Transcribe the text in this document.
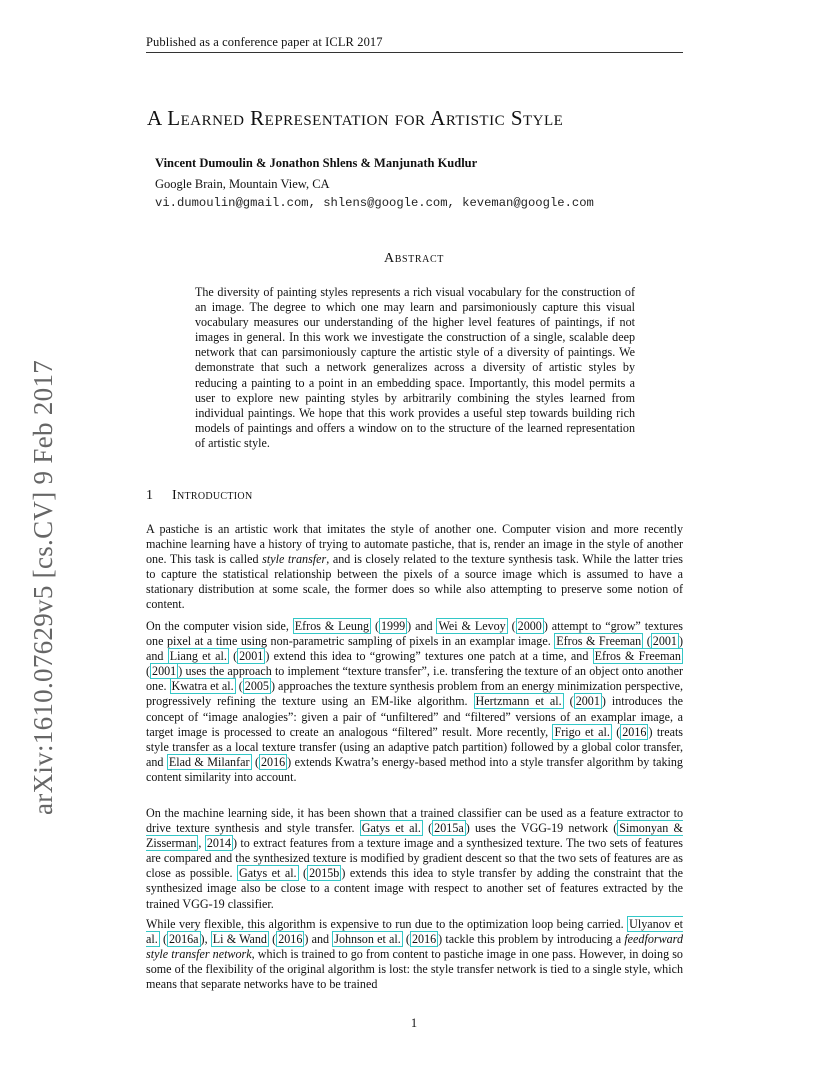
Published as a conference paper at ICLR 2017
arXiv:1610.07629v5 [cs.CV] 9 Feb 2017
A Learned Representation for Artistic Style
Vincent Dumoulin & Jonathon Shlens & Manjunath Kudlur
Google Brain, Mountain View, CA
vi.dumoulin@gmail.com, shlens@google.com, keveman@google.com
Abstract
The diversity of painting styles represents a rich visual vocabulary for the construction of an image. The degree to which one may learn and parsimoniously capture this visual vocabulary measures our understanding of the higher level features of paintings, if not images in general. In this work we investigate the construction of a single, scalable deep network that can parsimoniously capture the artistic style of a diversity of paintings. We demonstrate that such a network generalizes across a diversity of artistic styles by reducing a painting to a point in an embedding space. Importantly, this model permits a user to explore new painting styles by arbitrarily combining the styles learned from individual paintings. We hope that this work provides a useful step towards building rich models of paintings and offers a window on to the structure of the learned representation of artistic style.
1 Introduction
A pastiche is an artistic work that imitates the style of another one. Computer vision and more recently machine learning have a history of trying to automate pastiche, that is, render an image in the style of another one. This task is called style transfer, and is closely related to the texture synthesis task. While the latter tries to capture the statistical relationship between the pixels of a source image which is assumed to have a stationary distribution at some scale, the former does so while also attempting to preserve some notion of content.
On the computer vision side, Efros & Leung ( 1999 ) and Wei & Levoy ( 2000 ) attempt to “grow” textures one pixel at a time using non-parametric sampling of pixels in an examplar image. Efros & Freeman ( 2001 ) and Liang et al. ( 2001 ) extend this idea to “growing” textures one patch at a time, and Efros & Freeman ( 2001 ) uses the approach to implement “texture transfer”, i.e. transfering the texture of an object onto another one. Kwatra et al. ( 2005 ) approaches the texture synthesis problem from an energy minimization perspective, progressively refining the texture using an EM-like algorithm. Hertzmann et al. ( 2001 ) introduces the concept of “image analogies”: given a pair of “unfiltered” and “filtered” versions of an examplar image, a target image is processed to create an analogous “filtered” result. More recently, Frigo et al. ( 2016 ) treats style transfer as a local texture transfer (using an adaptive patch partition) followed by a global color transfer, and Elad & Milanfar ( 2016 ) extends Kwatra’s energy-based method into a style transfer algorithm by taking content similarity into account.
On the machine learning side, it has been shown that a trained classifier can be used as a feature extractor to drive texture synthesis and style transfer. Gatys et al. ( 2015a ) uses the VGG-19 network ( Simonyan & Zisserman , 2014 ) to extract features from a texture image and a synthesized texture. The two sets of features are compared and the synthesized texture is modified by gradient descent so that the two sets of features are as close as possible. Gatys et al. ( 2015b ) extends this idea to style transfer by adding the constraint that the synthesized image also be close to a content image with respect to another set of features extracted by the trained VGG-19 classifier.
While very flexible, this algorithm is expensive to run due to the optimization loop being carried. Ulyanov et al. ( 2016a ), Li & Wand ( 2016 ) and Johnson et al. ( 2016 ) tackle this problem by introducing a feedforward style transfer network, which is trained to go from content to pastiche image in one pass. However, in doing so some of the flexibility of the original algorithm is lost: the style transfer network is tied to a single style, which means that separate networks have to be trained
1
